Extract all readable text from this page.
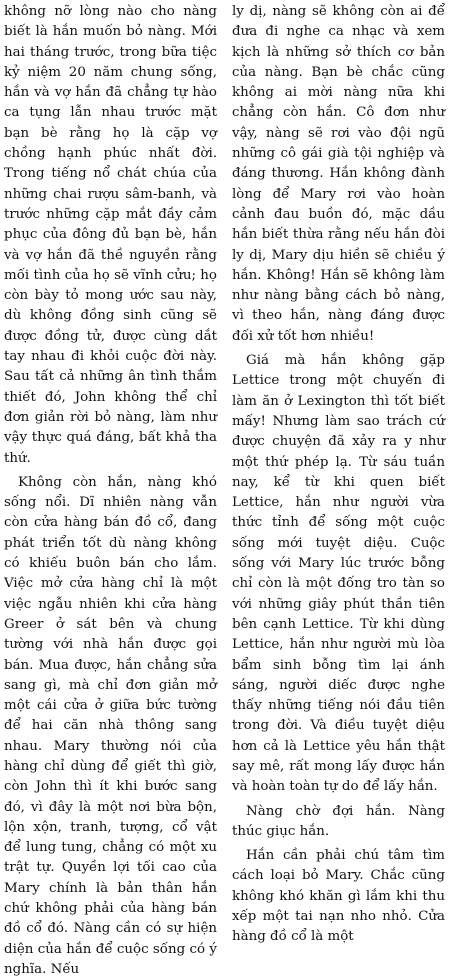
không nỡ lòng nào cho nàng biết là hắn muốn bỏ nàng. Mới hai tháng trước, trong bữa tiệc kỷ niệm 20 năm chung sống, hắn và vợ hắn đã chẳng tự hào ca tụng lẫn nhau trước mặt bạn bè rằng họ là cặp vợ chồng hạnh phúc nhất đời. Trong tiếng nổ chát chúa của những chai rượu sâm-banh, và trước những cặp mắt đầy cảm phục của đông đủ bạn bè, hắn và vợ hắn đã thề nguyền rằng mối tình của họ sẽ vĩnh cửu; họ còn bày tỏ mong ước sau này, dù không đồng sinh cũng sẽ được đồng tử, được cùng dắt tay nhau đi khỏi cuộc đời này. Sau tất cả những ân tình thắm thiết đó, John không thể chỉ đơn giản rời bỏ nàng, làm như vậy thực quá đáng, bất khả tha thứ.

Không còn hắn, nàng khó sống nổi. Dĩ nhiên nàng vẫn còn cửa hàng bán đồ cổ, đang phát triển tốt dù nàng không có khiếu buôn bán cho lắm. Việc mở cửa hàng chỉ là một việc ngẫu nhiên khi cửa hàng Greer ở sát bên và chung tường với nhà hắn được gọi bán. Mua được, hắn chẳng sửa sang gì, mà chỉ đơn giản mở một cái cửa ở giữa bức tường để hai căn nhà thông sang nhau. Mary thường nói của hàng chỉ dùng để giết thì giờ, còn John thì ít khi bước sang đó, vì đây là một nơi bừa bộn, lộn xộn, tranh, tượng, cổ vật để lung tung, chẳng có một xu trật tự. Quyền lợi tối cao của Mary chính là bản thân hắn chứ không phải của hàng bán đồ cổ đó. Nàng cần có sự hiện diện của hắn để cuộc sống có ý nghĩa. Nếu

ly dị, nàng sẽ không còn ai để đưa đi nghe ca nhạc và xem kịch là những sở thích cơ bản của nàng. Bạn bè chắc cũng không ai mời nàng nữa khi chẳng còn hắn. Cô đơn như vậy, nàng sẽ rơi vào đội ngũ những cô gái già tội nghiệp và đáng thương. Hắn không đành lòng để Mary rơi vào hoàn cảnh đau buồn đó, mặc dầu hắn biết thừa rằng nếu hắn đòi ly dị, Mary dịu hiền sẽ chiều ý hắn. Không! Hắn sẽ không làm như nàng bằng cách bỏ nàng, vì theo hắn, nàng đáng được đối xử tốt hơn nhiều!

Giá mà hắn không gặp Lettice trong một chuyến đi làm ăn ở Lexington thì tốt biết mấy! Nhưng làm sao trách cứ được chuyện đã xảy ra y như một thứ phép lạ. Từ sáu tuần nay, kể từ khi quen biết Lettice, hắn như người vừa thức tỉnh để sống một cuộc sống mới tuyệt diệu. Cuộc sống với Mary lúc trước bỗng chỉ còn là một đống tro tàn so với những giây phút thần tiên bên cạnh Lettice. Từ khi dùng Lettice, hắn như người mù lòa bẩm sinh bỗng tìm lại ánh sáng, người diếc được nghe thấy những tiếng nói đầu tiên trong đời. Và điều tuyệt diệu hơn cả là Lettice yêu hắn thật say mê, rất mong lấy được hắn và hoàn toàn tự do để lấy hắn.

Nàng chờ đợi hắn. Nàng thúc giục hắn.

Hắn cần phải chú tâm tìm cách loại bỏ Mary. Chắc cũng không khó khăn gì lắm khi thu xếp một tai nạn nho nhỏ. Cửa hàng đồ cổ là một
